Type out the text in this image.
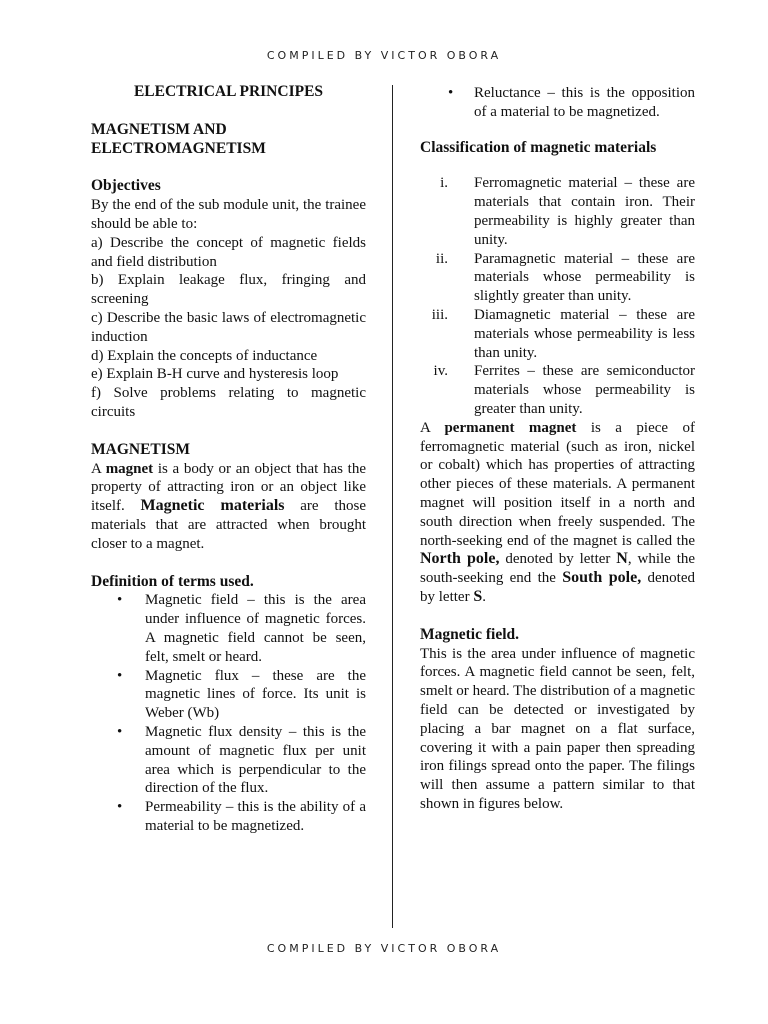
COMPILED BY VICTOR OBORA
ELECTRICAL PRINCIPES
MAGNETISM AND
ELECTROMAGNETISM
Objectives
By the end of the sub module unit, the trainee should be able to:
a) Describe the concept of magnetic fields and field distribution
b) Explain leakage flux, fringing and screening
c) Describe the basic laws of electromagnetic induction
d) Explain the concepts of inductance
e) Explain B-H curve and hysteresis loop
f) Solve problems relating to magnetic circuits
MAGNETISM
A magnet is a body or an object that has the property of attracting iron or an object like itself. Magnetic materials are those materials that are attracted when brought closer to a magnet.
Definition of terms used.
• Magnetic field – this is the area under influence of magnetic forces. A magnetic field cannot be seen, felt, smelt or heard.
• Magnetic flux – these are the magnetic lines of force. Its unit is Weber (Wb)
• Magnetic flux density – this is the amount of magnetic flux per unit area which is perpendicular to the direction of the flux.
• Permeability – this is the ability of a material to be magnetized.
• Reluctance – this is the opposition of a material to be magnetized.
Classification of magnetic materials
i. Ferromagnetic material – these are materials that contain iron. Their permeability is highly greater than unity.
ii. Paramagnetic material – these are materials whose permeability is slightly greater than unity.
iii. Diamagnetic material – these are materials whose permeability is less than unity.
iv. Ferrites – these are semiconductor materials whose permeability is greater than unity.
A permanent magnet is a piece of ferromagnetic material (such as iron, nickel or cobalt) which has properties of attracting other pieces of these materials. A permanent magnet will position itself in a north and south direction when freely suspended. The north-seeking end of the magnet is called the North pole, denoted by letter N, while the south-seeking end the South pole, denoted by letter S.
Magnetic field.
This is the area under influence of magnetic forces. A magnetic field cannot be seen, felt, smelt or heard. The distribution of a magnetic field can be detected or investigated by placing a bar magnet on a flat surface, covering it with a pain paper then spreading iron filings spread onto the paper. The filings will then assume a pattern similar to that shown in figures below.
COMPILED BY VICTOR OBORA
